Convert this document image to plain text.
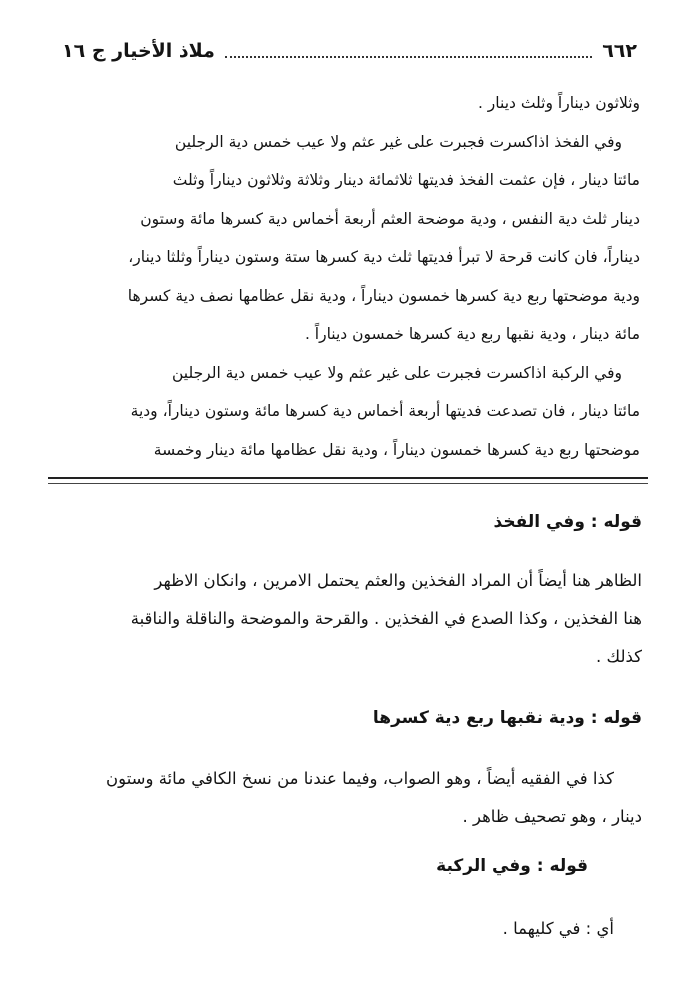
٦٦٢
ملاذ الأخيار ج ١٦

وثلاثون ديناراً وثلث دينار .

وفي الفخذ اذاكسرت فجبرت على غير عثم ولا عيب خمس دية الرجلين

مائتا دينار ، فإن عثمت الفخذ فديتها ثلاثمائة دينار وثلاثة وثلاثون ديناراً وثلث

دينار ثلث دية النفس ، ودية موضحة العثم أربعة أخماس دية كسرها مائة وستون

ديناراً، فان كانت قرحة لا تبرأ فديتها ثلث دية كسرها ستة وستون ديناراً وثلثا دينار،

ودية موضحتها ربع دية كسرها خمسون ديناراً ، ودية نقل عظامها نصف دية كسرها

مائة دينار ، ودية نقبها ربع دية كسرها خمسون ديناراً .

وفي الركبة اذاكسرت فجبرت على غير عثم ولا عيب خمس دية الرجلين

مائتا دينار ، فان تصدعت فديتها أربعة أخماس دية كسرها مائة وستون ديناراً، ودية

موضحتها ربع دية كسرها خمسون ديناراً ، ودية نقل عظامها مائة دينار وخمسة

قوله : وفي الفخذ

الظاهر هنا أيضاً أن المراد الفخذين والعثم يحتمل الامرين ، وانكان الاظهر

هنا الفخذين ، وكذا الصدع في الفخذين . والقرحة والموضحة والناقلة والناقبة

كذلك .

قوله : ودية نقبها ربع دية كسرها

كذا في الفقيه أيضاً ، وهو الصواب، وفيما عندنا من نسخ الكافي مائة وستون

دينار ، وهو تصحيف ظاهر .

قوله : وفي الركبة

أي : في كليهما .
